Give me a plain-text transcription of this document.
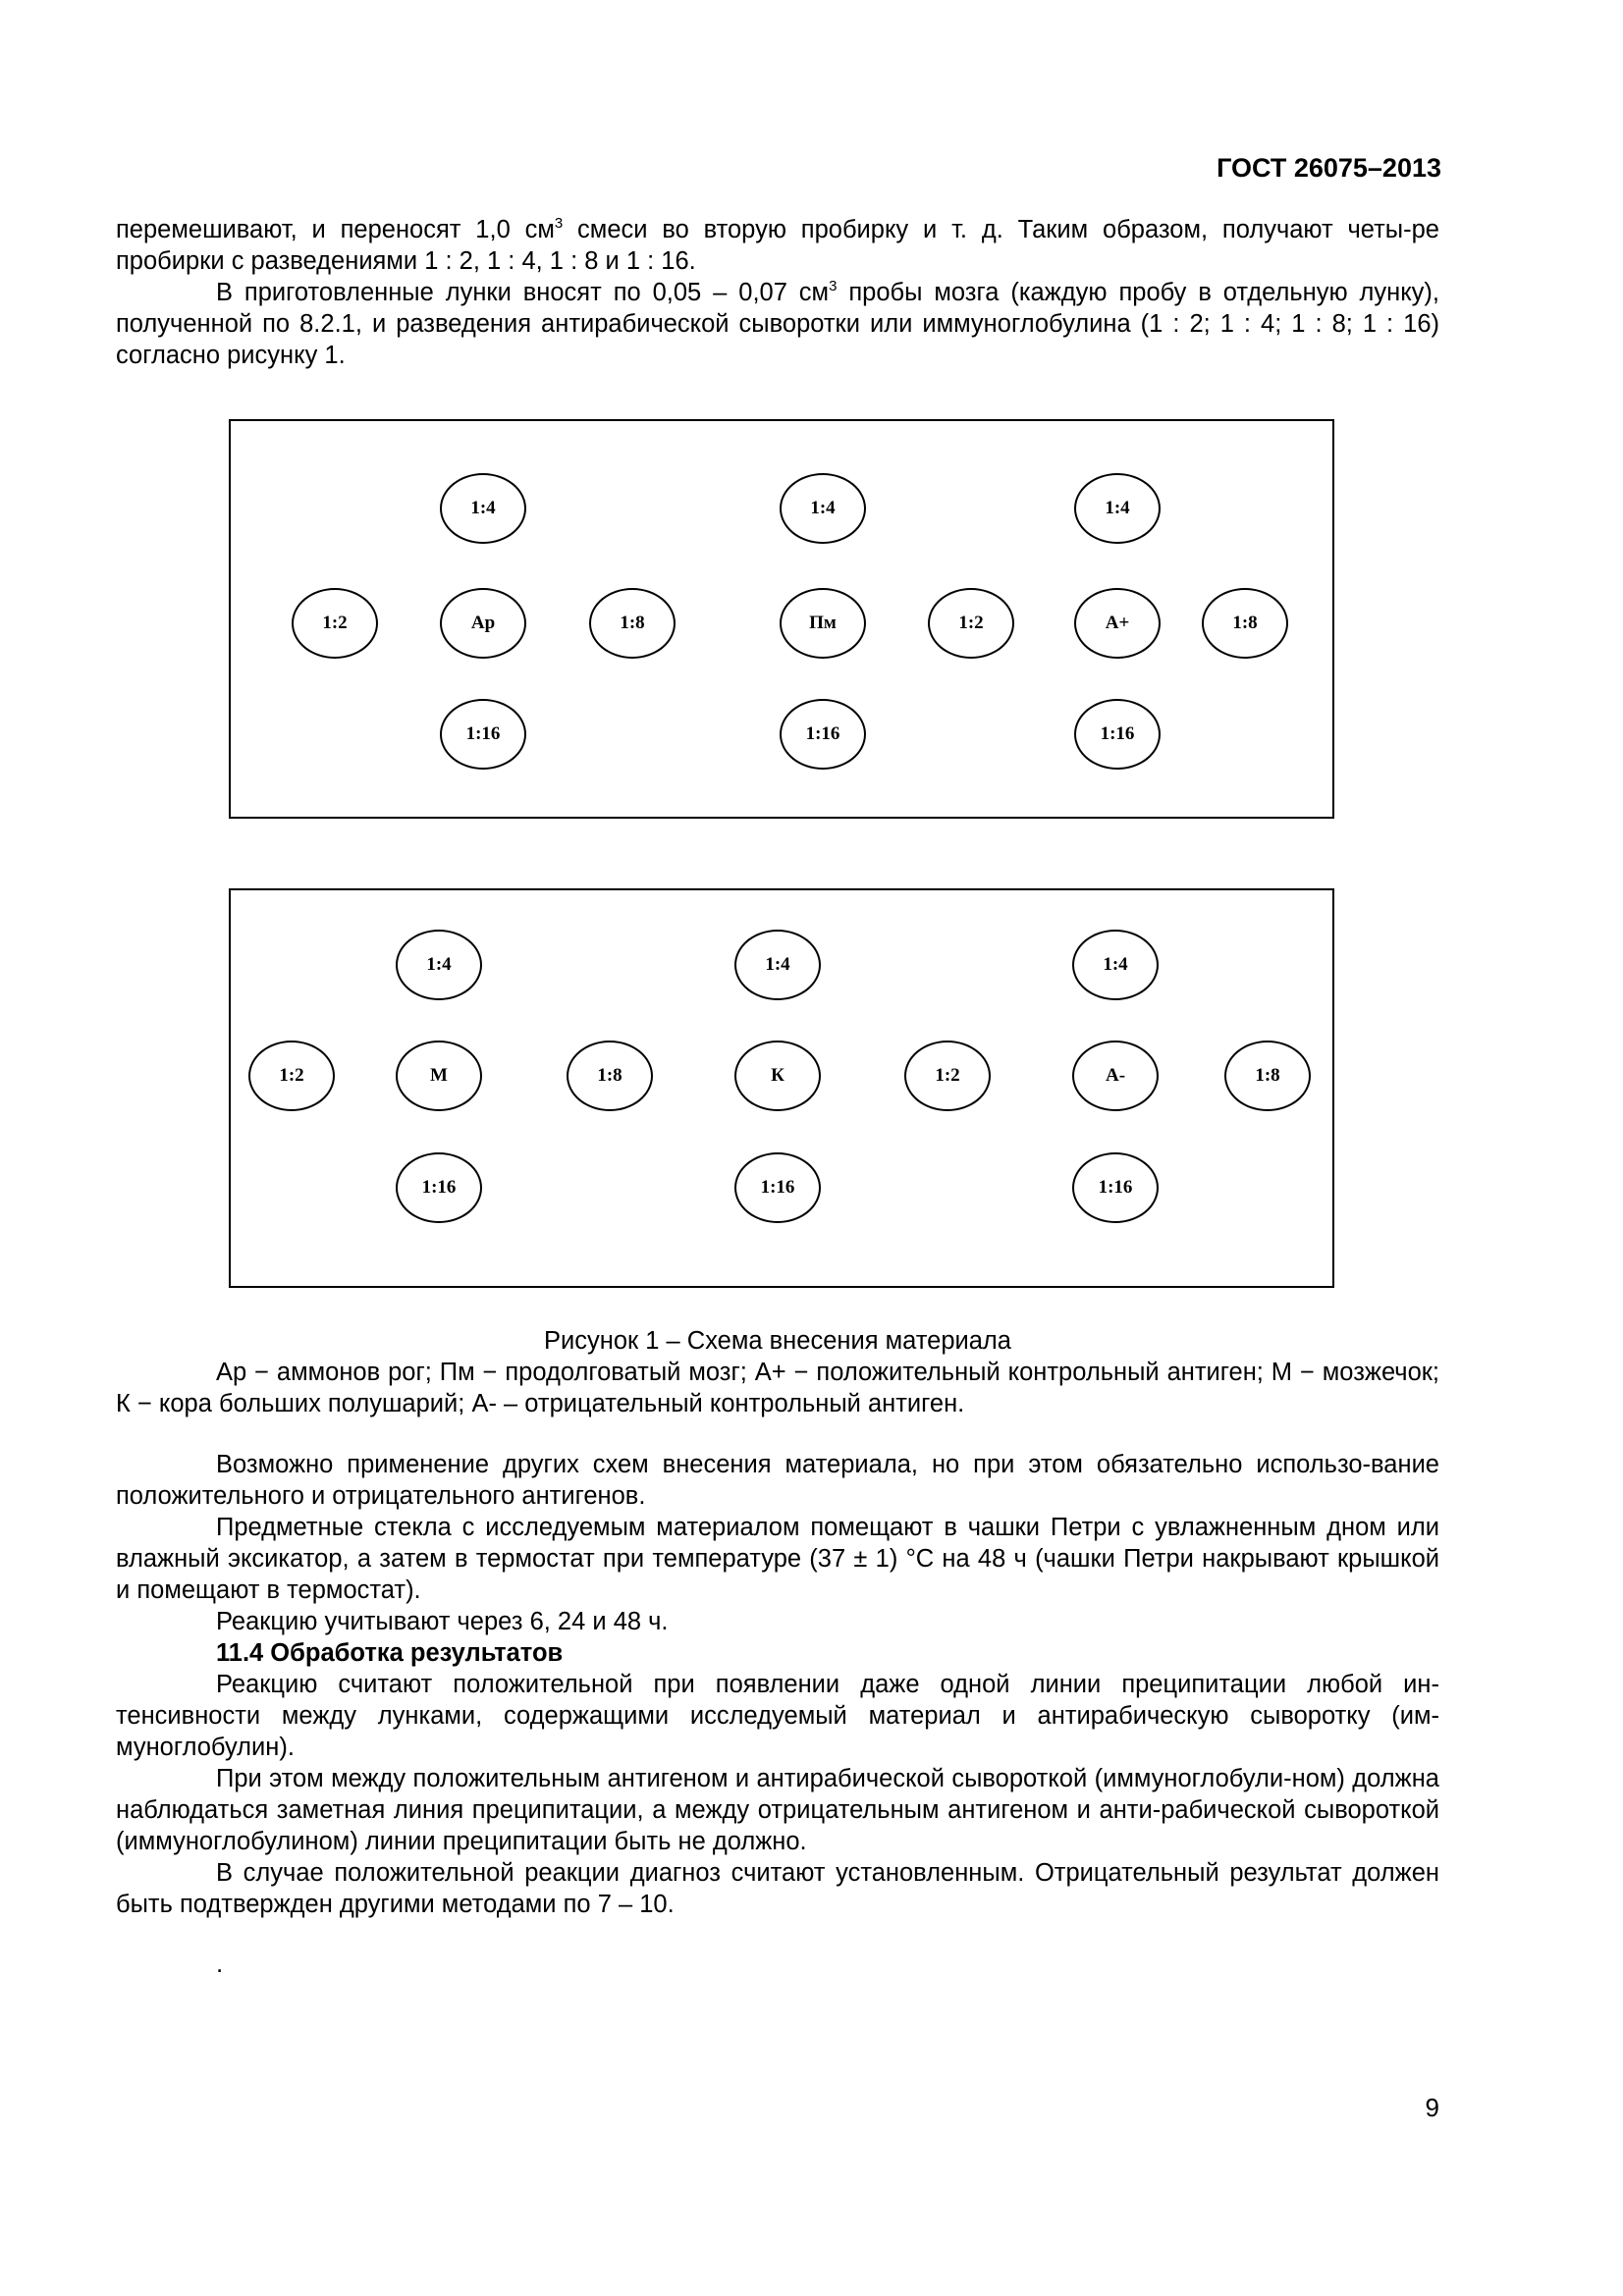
ГОСТ 26075–2013

перемешивают, и переносят 1,0 $см^3$ смеси во вторую пробирку и т. д. Таким образом, получают четы-ре пробирки с разведениями 1 : 2, 1 : 4, 1 : 8 и 1 : 16.

В приготовленные лунки вносят по 0,05 – 0,07 $см^3$ пробы мозга (каждую пробу в отдельную лунку), полученной по 8.2.1, и разведения антирабической сыворотки или иммуноглобулина (1 : 2; 1 : 4; 1 : 8; 1 : 16) согласно рисунку 1.

1:4	1:4	1:4
1:2	Ар	1:8	Пм	1:2	А+	1:8
1:16	1:16	1:16
1:4	1:4	1:4
1:2	М	1:8	К	1:2	А-	1:8
1:16	1:16	1:16

Рисунок 1 – Схема внесения материала

Ар − аммонов рог; Пм − продолговатый мозг; А+ − положительный контрольный антиген; М − мозжечок; К − кора больших полушарий; А- – отрицательный контрольный антиген.

Возможно применение других схем внесения материала, но при этом обязательно использо-вание положительного и отрицательного антигенов.

Предметные стекла с исследуемым материалом помещают в чашки Петри с увлажненным дном или влажный эксикатор, а затем в термостат при температуре (37 ± 1) °С на 48 ч (чашки Петри накрывают крышкой и помещают в термостат).

Реакцию учитывают через 6, 24 и 48 ч.

11.4 Обработка результатов

Реакцию считают положительной при появлении даже одной линии преципитации любой ин-тенсивности между лунками, содержащими исследуемый материал и антирабическую сыворотку (им-муноглобулин).

При этом между положительным антигеном и антирабической сывороткой (иммуноглобули-ном) должна наблюдаться заметная линия преципитации, а между отрицательным антигеном и анти-рабической сывороткой (иммуноглобулином) линии преципитации быть не должно.

В случае положительной реакции диагноз считают установленным. Отрицательный результат должен быть подтвержден другими методами по 7 – 10.

.
9
